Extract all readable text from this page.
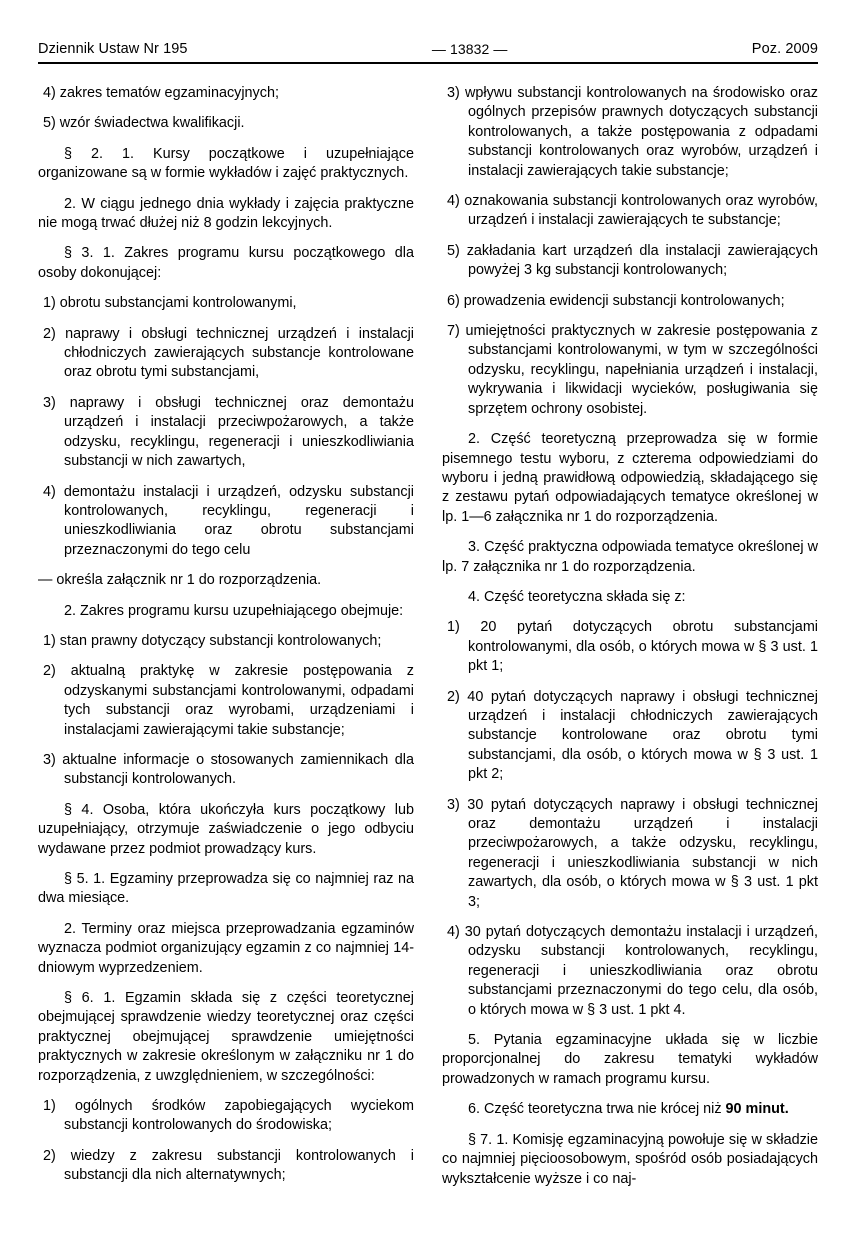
Dziennik Ustaw Nr 195	— 13832 —	Poz. 2009

4) zakres tematów egzaminacyjnych;

5) wzór świadectwa kwalifikacji.

§ 2. 1. Kursy początkowe i uzupełniające organizowane są w formie wykładów i zajęć praktycznych.

2. W ciągu jednego dnia wykłady i zajęcia praktyczne nie mogą trwać dłużej niż 8 godzin lekcyjnych.

§ 3. 1. Zakres programu kursu początkowego dla osoby dokonującej:

1) obrotu substancjami kontrolowanymi,

2) naprawy i obsługi technicznej urządzeń i instalacji chłodniczych zawierających substancje kontrolowane oraz obrotu tymi substancjami,

3) naprawy i obsługi technicznej oraz demontażu urządzeń i instalacji przeciwpożarowych, a także odzysku, recyklingu, regeneracji i unieszkodliwiania substancji w nich zawartych,

4) demontażu instalacji i urządzeń, odzysku substancji kontrolowanych, recyklingu, regeneracji i unieszkodliwiania oraz obrotu substancjami przeznaczonymi do tego celu

— określa załącznik nr 1 do rozporządzenia.

2. Zakres programu kursu uzupełniającego obejmuje:

1) stan prawny dotyczący substancji kontrolowanych;

2) aktualną praktykę w zakresie postępowania z odzyskanymi substancjami kontrolowanymi, odpadami tych substancji oraz wyrobami, urządzeniami i instalacjami zawierającymi takie substancje;

3) aktualne informacje o stosowanych zamiennikach dla substancji kontrolowanych.

§ 4. Osoba, która ukończyła kurs początkowy lub uzupełniający, otrzymuje zaświadczenie o jego odbyciu wydawane przez podmiot prowadzący kurs.

§ 5. 1. Egzaminy przeprowadza się co najmniej raz na dwa miesiące.

2. Terminy oraz miejsca przeprowadzania egzaminów wyznacza podmiot organizujący egzamin z co najmniej 14-dniowym wyprzedzeniem.

§ 6. 1. Egzamin składa się z części teoretycznej obejmującej sprawdzenie wiedzy teoretycznej oraz części praktycznej obejmującej sprawdzenie umiejętności praktycznych w zakresie określonym w załączniku nr 1 do rozporządzenia, z uwzględnieniem, w szczególności:

1) ogólnych środków zapobiegających wyciekom substancji kontrolowanych do środowiska;

2) wiedzy z zakresu substancji kontrolowanych i substancji dla nich alternatywnych;

3) wpływu substancji kontrolowanych na środowisko oraz ogólnych przepisów prawnych dotyczących substancji kontrolowanych, a także postępowania z odpadami substancji kontrolowanych oraz wyrobów, urządzeń i instalacji zawierających takie substancje;

4) oznakowania substancji kontrolowanych oraz wyrobów, urządzeń i instalacji zawierających te substancje;

5) zakładania kart urządzeń dla instalacji zawierających powyżej 3 kg substancji kontrolowanych;

6) prowadzenia ewidencji substancji kontrolowanych;

7) umiejętności praktycznych w zakresie postępowania z substancjami kontrolowanymi, w tym w szczególności odzysku, recyklingu, napełniania urządzeń i instalacji, wykrywania i likwidacji wycieków, posługiwania się sprzętem ochrony osobistej.

2. Część teoretyczną przeprowadza się w formie pisemnego testu wyboru, z czterema odpowiedziami do wyboru i jedną prawidłową odpowiedzią, składającego się z zestawu pytań odpowiadających tematyce określonej w lp. 1—6 załącznika nr 1 do rozporządzenia.

3. Część praktyczna odpowiada tematyce określonej w lp. 7 załącznika nr 1 do rozporządzenia.

4. Część teoretyczna składa się z:

1) 20 pytań dotyczących obrotu substancjami kontrolowanymi, dla osób, o których mowa w § 3 ust. 1 pkt 1;

2) 40 pytań dotyczących naprawy i obsługi technicznej urządzeń i instalacji chłodniczych zawierających substancje kontrolowane oraz obrotu tymi substancjami, dla osób, o których mowa w § 3 ust. 1 pkt 2;

3) 30 pytań dotyczących naprawy i obsługi technicznej oraz demontażu urządzeń i instalacji przeciwpożarowych, a także odzysku, recyklingu, regeneracji i unieszkodliwiania substancji w nich zawartych, dla osób, o których mowa w § 3 ust. 1 pkt 3;

4) 30 pytań dotyczących demontażu instalacji i urządzeń, odzysku substancji kontrolowanych, recyklingu, regeneracji i unieszkodliwiania oraz obrotu substancjami przeznaczonymi do tego celu, dla osób, o których mowa w § 3 ust. 1 pkt 4.

5. Pytania egzaminacyjne układa się w liczbie proporcjonalnej do zakresu tematyki wykładów prowadzonych w ramach programu kursu.

6. Część teoretyczna trwa nie krócej niż 90 minut.

§ 7. 1. Komisję egzaminacyjną powołuje się w składzie co najmniej pięcioosobowym, spośród osób posiadających wykształcenie wyższe i co naj-
